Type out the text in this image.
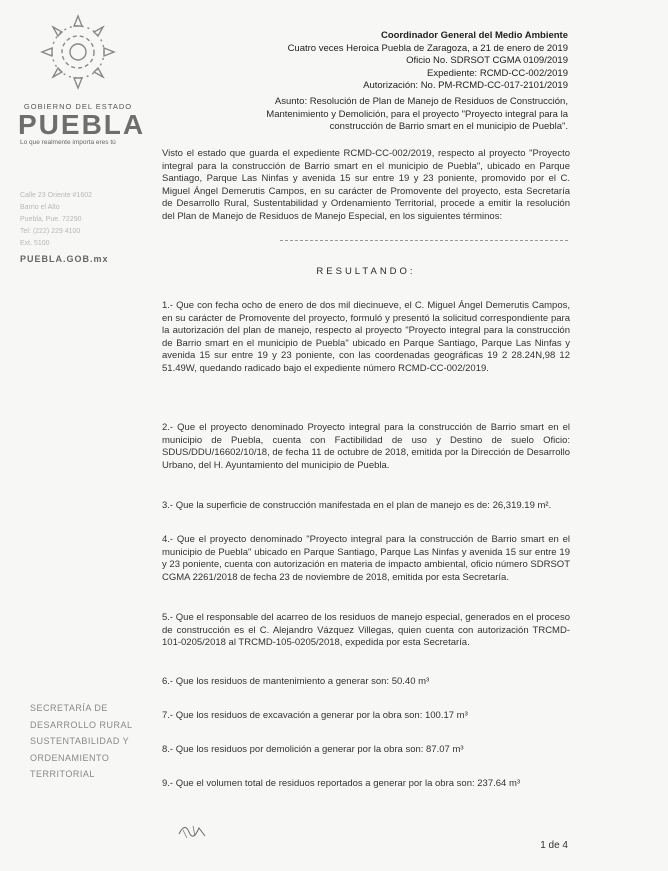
GOBIERNO DEL ESTADO
PUEBLA
Lo que realmente importa eres tú
Calle 23 Oriente #1602
Barrio el Alto
Puebla, Pue. 72290
Tel: (222) 229 4100
Ext. 5100
PUEBLA.GOB.mx
Coordinador General del Medio Ambiente
Cuatro veces Heroica Puebla de Zaragoza, a 21 de enero de 2019
Oficio No. SDRSOT CGMA 0109/2019
Expediente: RCMD-CC-002/2019
Autorización: No. PM-RCMD-CC-017-2101/2019
Asunto: Resolución de Plan de Manejo de Residuos de Construcción, Mantenimiento y Demolición, para el proyecto "Proyecto integral para la construcción de Barrio smart en el municipio de Puebla".
Visto el estado que guarda el expediente RCMD-CC-002/2019, respecto al proyecto "Proyecto integral para la construcción de Barrio smart en el municipio de Puebla", ubicado en Parque Santiago, Parque Las Ninfas y avenida 15 sur entre 19 y 23 poniente, promovido por el C. Miguel Ángel Demerutis Campos, en su carácter de Promovente del proyecto, esta Secretaría de Desarrollo Rural, Sustentabilidad y Ordenamiento Territorial, procede a emitir la resolución del Plan de Manejo de Residuos de Manejo Especial, en los siguientes términos:
RESULTANDO:
1.- Que con fecha ocho de enero de dos mil diecinueve, el C. Miguel Ángel Demerutis Campos, en su carácter de Promovente del proyecto, formuló y presentó la solicitud correspondiente para la autorización del plan de manejo, respecto al proyecto "Proyecto integral para la construcción de Barrio smart en el municipio de Puebla" ubicado en Parque Santiago, Parque Las Ninfas y avenida 15 sur entre 19 y 23 poniente, con las coordenadas geográficas 19 2 28.24N,98 12 51.49W, quedando radicado bajo el expediente número RCMD-CC-002/2019.
2.- Que el proyecto denominado Proyecto integral para la construcción de Barrio smart en el municipio de Puebla, cuenta con Factibilidad de uso y Destino de suelo Oficio: SDUS/DDU/16602/10/18, de fecha 11 de octubre de 2018, emitida por la Dirección de Desarrollo Urbano, del H. Ayuntamiento del municipio de Puebla.
3.- Que la superficie de construcción manifestada en el plan de manejo es de: 26,319.19 m².
4.- Que el proyecto denominado "Proyecto integral para la construcción de Barrio smart en el municipio de Puebla" ubicado en Parque Santiago, Parque Las Ninfas y avenida 15 sur entre 19 y 23 poniente, cuenta con autorización en materia de impacto ambiental, oficio número SDRSOT CGMA 2261/2018 de fecha 23 de noviembre de 2018, emitida por esta Secretaría.
5.- Que el responsable del acarreo de los residuos de manejo especial, generados en el proceso de construcción es el C. Alejandro Vázquez Villegas, quien cuenta con autorización TRCMD-101-0205/2018 al TRCMD-105-0205/2018, expedida por esta Secretaría.
6.- Que los residuos de mantenimiento a generar son: 50.40 m³
7.- Que los residuos de excavación a generar por la obra son: 100.17 m³
8.- Que los residuos por demolición a generar por la obra son: 87.07 m³
9.- Que el volumen total de residuos reportados a generar por la obra son: 237.64 m³
SECRETARÍA DE
DESARROLLO RURAL
SUSTENTABILIDAD Y
ORDENAMIENTO
TERRITORIAL
1 de 4
